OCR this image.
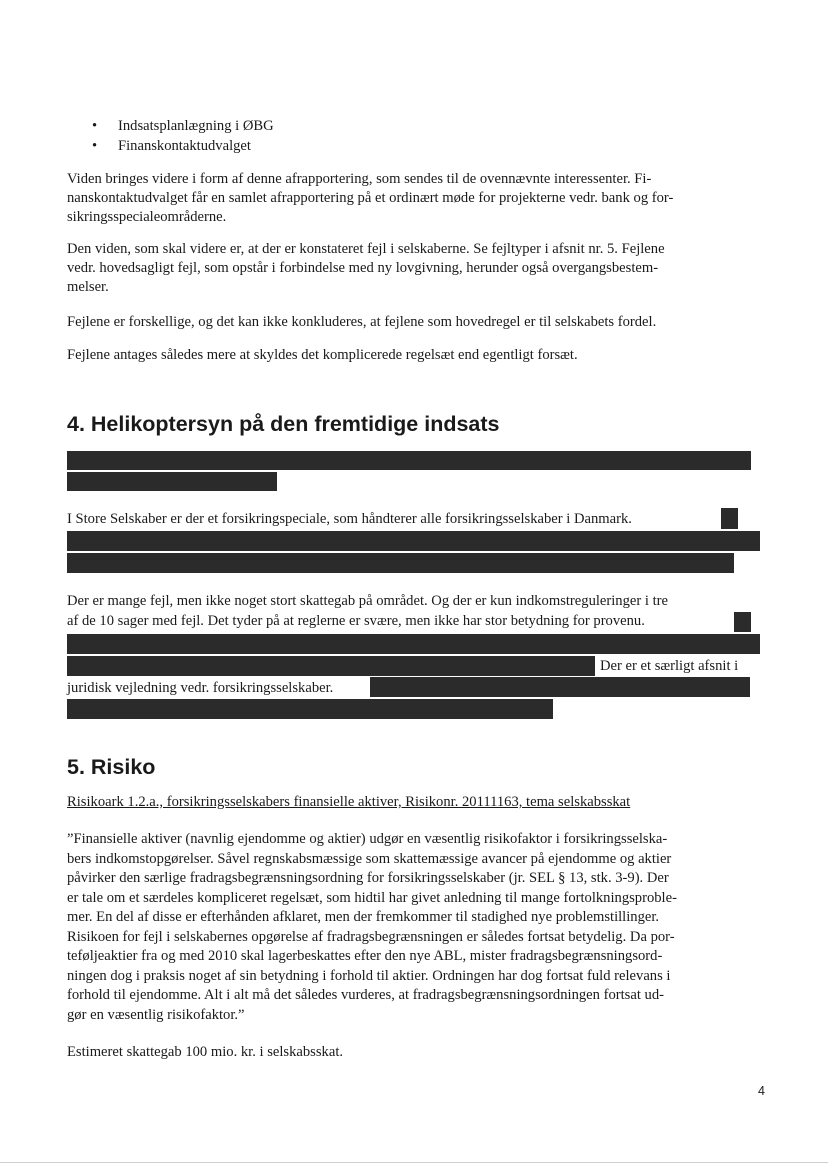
• Indsatsplanlægning i ØBG

• Finanskontaktudvalget

Viden bringes videre i form af denne afrapportering, som sendes til de ovennævnte interessenter. Fi-

nanskontaktudvalget får en samlet afrapportering på et ordinært møde for projekterne vedr. bank og for-

sikringsspecialeområderne.

Den viden, som skal videre er, at der er konstateret fejl i selskaberne. Se fejltyper i afsnit nr. 5. Fejlene

vedr. hovedsagligt fejl, som opstår i forbindelse med ny lovgivning, herunder også overgangsbestem-

melser.

Fejlene er forskellige, og det kan ikke konkluderes, at fejlene som hovedregel er til selskabets fordel.

Fejlene antages således mere at skyldes det komplicerede regelsæt end egentligt forsæt.

4. Helikoptersyn på den fremtidige indsats

I Store Selskaber er der et forsikringspeciale, som håndterer alle forsikringsselskaber i Danmark.

Der er mange fejl, men ikke noget stort skattegab på området. Og der er kun indkomstreguleringer i tre

af de 10 sager med fejl. Det tyder på at reglerne er svære, men ikke har stor betydning for provenu.

Der er et særligt afsnit i

juridisk vejledning vedr. forsikringsselskaber.

5. Risiko

Risikoark 1.2.a., forsikringsselskabers finansielle aktiver, Risikonr. 20111163, tema selskabsskat

”Finansielle aktiver (navnlig ejendomme og aktier) udgør en væsentlig risikofaktor i forsikringsselska-

bers indkomstopgørelser. Såvel regnskabsmæssige som skattemæssige avancer på ejendomme og aktier

påvirker den særlige fradragsbegrænsningsordning for forsikringsselskaber (jr. SEL § 13, stk. 3-9). Der

er tale om et særdeles kompliceret regelsæt, som hidtil har givet anledning til mange fortolkningsproble-

mer. En del af disse er efterhånden afklaret, men der fremkommer til stadighed nye problemstillinger.

Risikoen for fejl i selskabernes opgørelse af fradragsbegrænsningen er således fortsat betydelig. Da por-

teføljeaktier fra og med 2010 skal lagerbeskattes efter den nye ABL, mister fradragsbegrænsningsord-

ningen dog i praksis noget af sin betydning i forhold til aktier. Ordningen har dog fortsat fuld relevans i

forhold til ejendomme. Alt i alt må det således vurderes, at fradragsbegrænsningsordningen fortsat ud-

gør en væsentlig risikofaktor.”

Estimeret skattegab 100 mio. kr. i selskabsskat.

4
